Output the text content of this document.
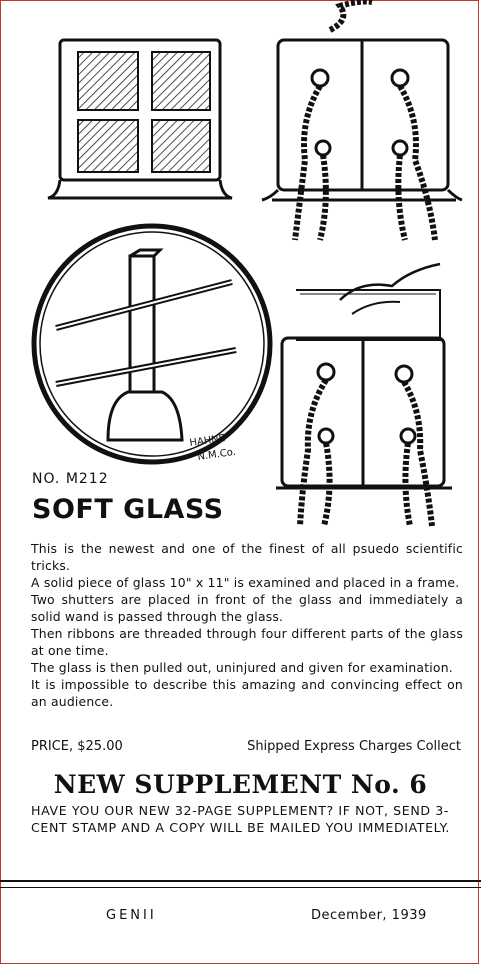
HAHNE
N.M.Co.
NO. M212
SOFT GLASS

This is the newest and one of the finest of all psuedo scientific tricks.

A solid piece of glass 10" x 11" is examined and placed in a frame.

Two shutters are placed in front of the glass and immediately a solid wand is passed through the glass.

Then ribbons are threaded through four different parts of the glass at one time.

The glass is then pulled out, uninjured and given for examination.

It is impossible to describe this amazing and convincing effect on an audience.

PRICE, $25.00	Shipped Express Charges Collect
NEW SUPPLEMENT No. 6
HAVE YOU OUR NEW 32-PAGE SUPPLEMENT? IF NOT, SEND 3-CENT STAMP AND A COPY WILL BE MAILED YOU IMMEDIATELY.
GENII	December, 1939
